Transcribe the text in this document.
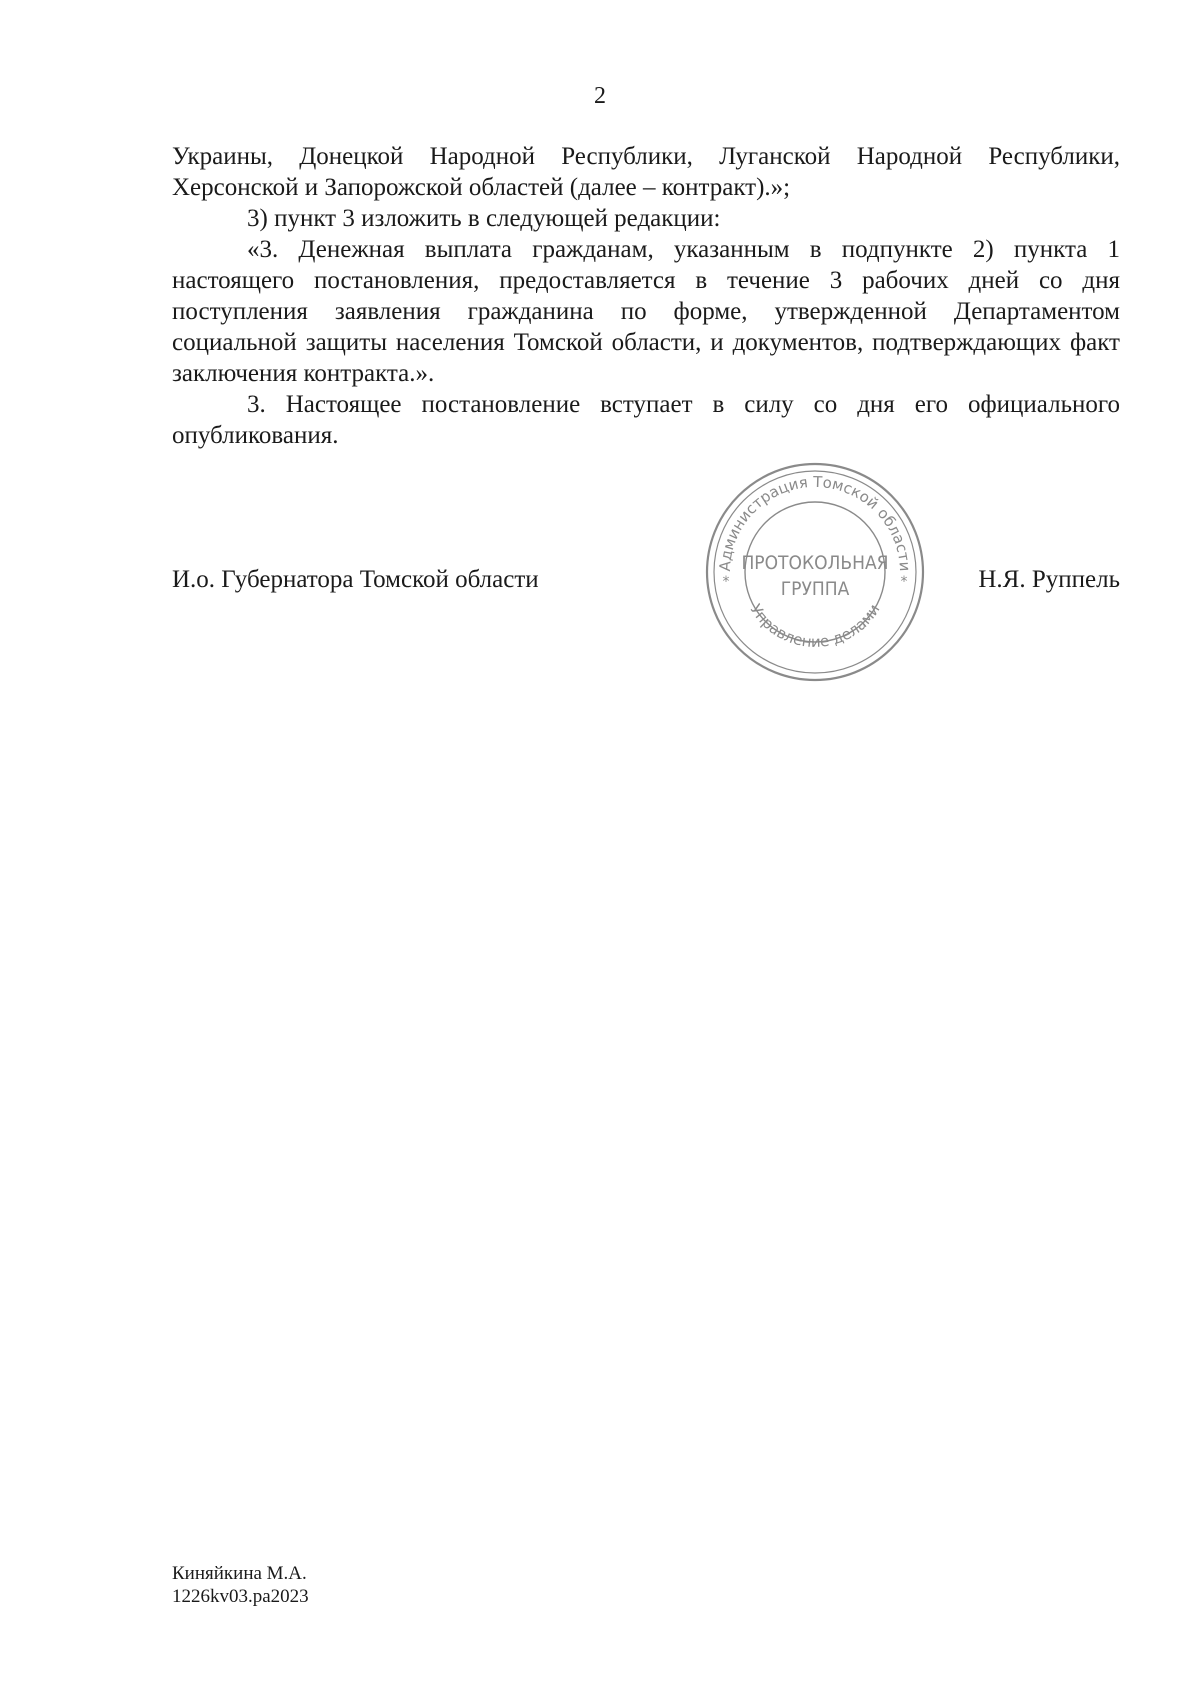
2

Украины, Донецкой Народной Республики, Луганской Народной Республики, Херсонской и Запорожской областей (далее – контракт).»;

3) пункт 3 изложить в следующей редакции:

«3. Денежная выплата гражданам, указанным в подпункте 2) пункта 1 настоящего постановления, предоставляется в течение 3 рабочих дней со дня поступления заявления гражданина по форме, утвержденной Департаментом социальной защиты населения Томской области, и документов, подтверждающих факт заключения контракта.».

3. Настоящее постановление вступает в силу со дня его официального опубликования.

И.о. Губернатора Томской области	Н.Я. Руппель
Администрация Томской области
Управление делами
ПРОТОКОЛЬНАЯ
ГРУППА
*	*
Киняйкина М.А.
1226kv03.pa2023
